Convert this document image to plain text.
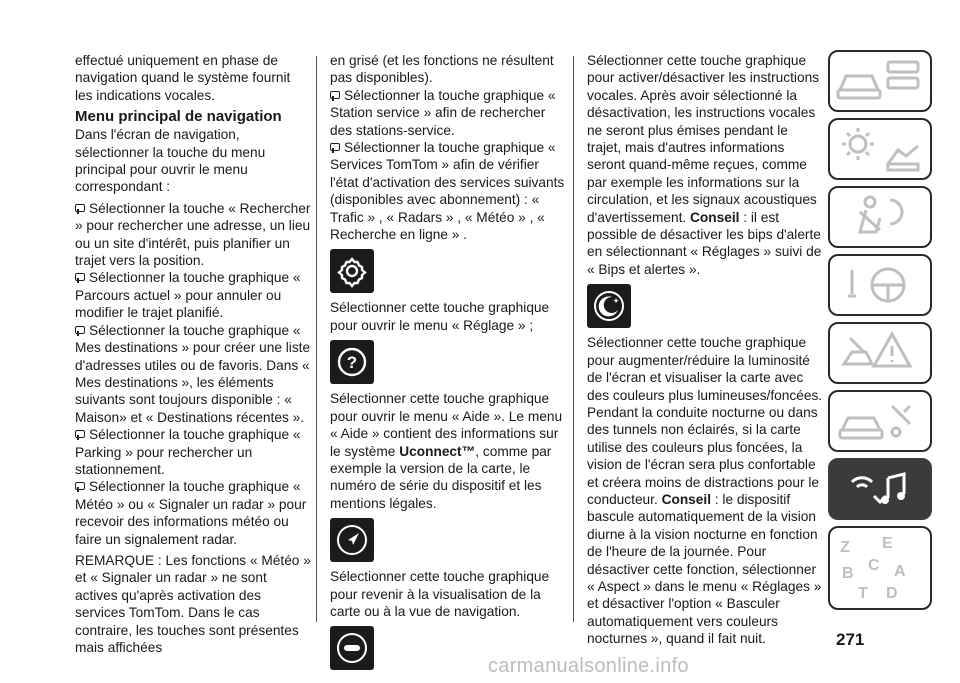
effectué uniquement en phase de navigation quand le système fournit les indications vocales.

Menu principal de navigation

Dans l'écran de navigation, sélectionner la touche du menu principal pour ouvrir le menu correspondant :

Sélectionner la touche « Rechercher » pour rechercher une adresse, un lieu ou un site d'intérêt, puis planifier un trajet vers la position.

Sélectionner la touche graphique « Parcours actuel » pour annuler ou modifier le trajet planifié.

Sélectionner la touche graphique « Mes destinations » pour créer une liste d'adresses utiles ou de favoris. Dans « Mes destinations », les éléments suivants sont toujours disponible : « Maison» et « Destinations récentes ».

Sélectionner la touche graphique « Parking » pour rechercher un stationnement.

Sélectionner la touche graphique « Météo » ou « Signaler un radar » pour recevoir des informations météo ou faire un signalement radar.

REMARQUE : Les fonctions « Météo » et « Signaler un radar » ne sont actives qu'après activation des services TomTom. Dans le cas contraire, les touches sont présentes mais affichées

en grisé (et les fonctions ne résultent pas disponibles).

Sélectionner la touche graphique « Station service » afin de rechercher des stations-service.

Sélectionner la touche graphique « Services TomTom » afin de vérifier l'état d'activation des services suivants (disponibles avec abonnement) : « Trafic » , « Radars » , « Météo » , « Recherche en ligne » .

Sélectionner cette touche graphique pour ouvrir le menu « Réglage » ;

?

Sélectionner cette touche graphique pour ouvrir le menu « Aide ». Le menu « Aide » contient des informations sur le système Uconnect™, comme par exemple la version de la carte, le numéro de série du dispositif et les mentions légales.

Sélectionner cette touche graphique pour revenir à la visualisation de la carte ou à la vue de navigation.

Sélectionner cette touche graphique pour activer/désactiver les instructions vocales. Après avoir sélectionné la désactivation, les instructions vocales ne seront plus émises pendant le trajet, mais d'autres informations seront quand-même reçues, comme par exemple les informations sur la circulation, et les signaux acoustiques d'avertissement. Conseil : il est possible de désactiver les bips d'alerte en sélectionnant « Réglages » suivi de « Bips et alertes ».

Sélectionner cette touche graphique pour augmenter/réduire la luminosité de l'écran et visualiser la carte avec des couleurs plus lumineuses/foncées. Pendant la conduite nocturne ou dans des tunnels non éclairés, si la carte utilise des couleurs plus foncées, la vision de l'écran sera plus confortable et créera moins de distractions pour le conducteur. Conseil : le dispositif bascule automatiquement de la vision diurne à la vision nocturne en fonction de l'heure de la journée. Pour désactiver cette fonction, sélectionner « Aspect » dans le menu « Réglages » et désactiver l'option « Basculer automatiquement vers couleurs nocturnes », quand il fait nuit.

Z E
B C A
T D
271
carmanualsonline.info
